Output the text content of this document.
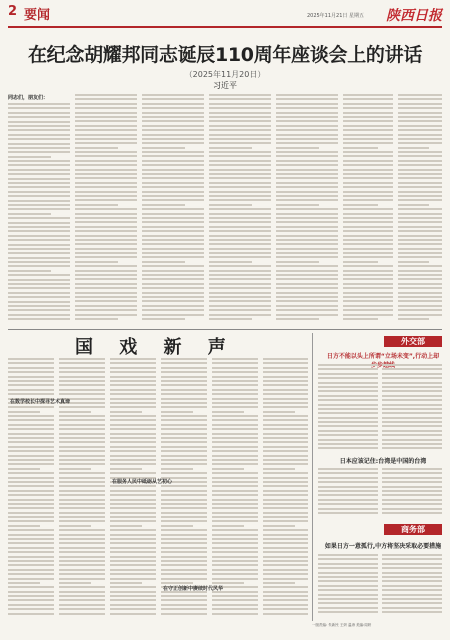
2 要闻	2025年11月21日 星期五 陕西日报
在纪念胡耀邦同志诞辰110周年座谈会上的讲话
（2025年11月20日）
习近平
同志们，朋友们：
国 戏 新 声
在数学校长中探寻艺术真谛
在服务人民中砥砺从艺初心
在守正创新中赓续时代风华
外交部
日方不能以头上所谓“立场未变”,行动上却 步
日本应该记住:台湾是中国的台湾
商务部
如果日方一意孤行,中方将坚决采取必要措施
一版责编: 朱新民 王妍 温涛 美编:周妍
